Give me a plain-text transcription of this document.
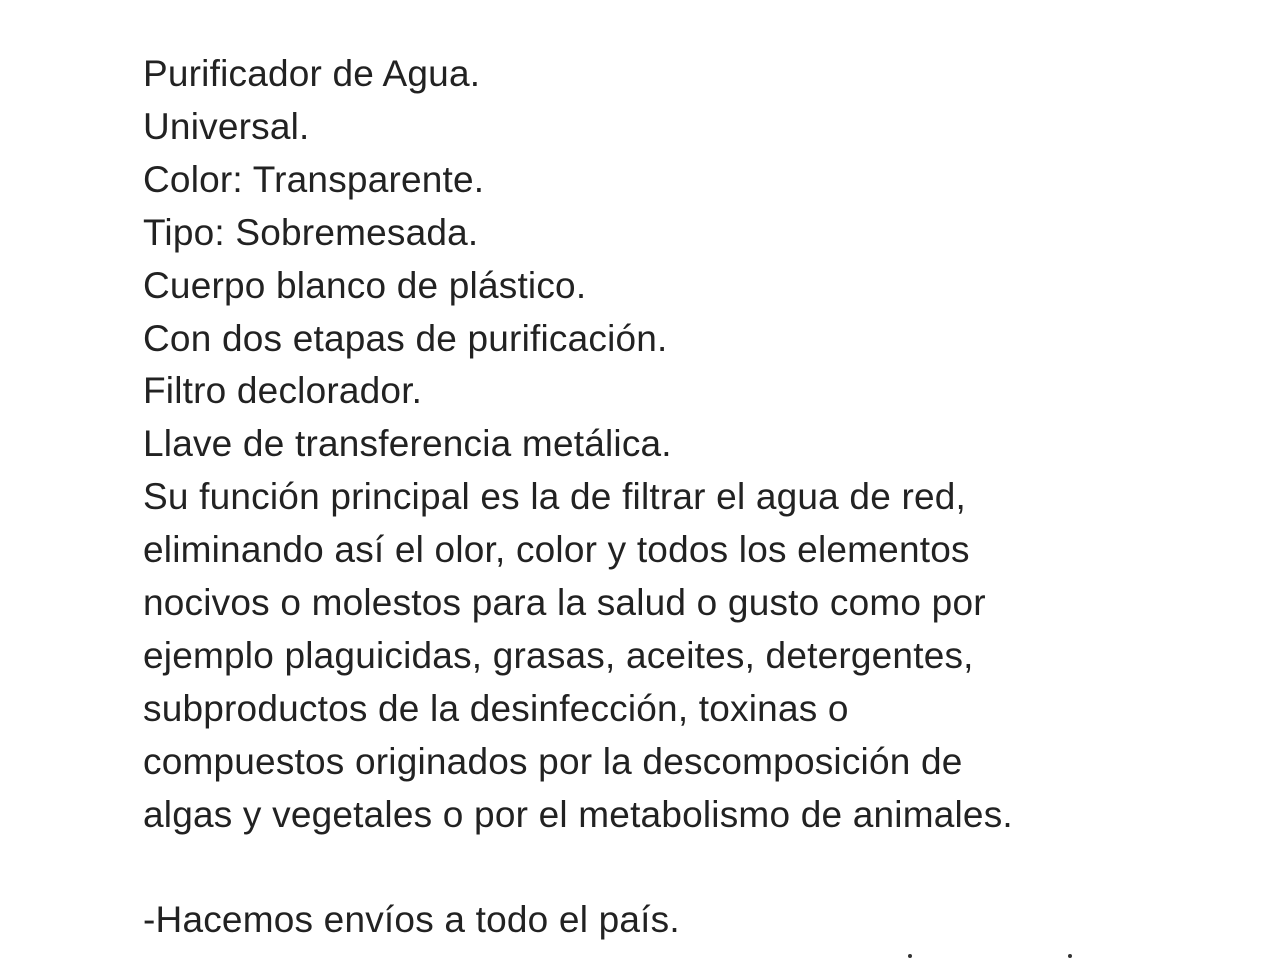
Purificador de Agua.
Universal.
Color: Transparente.
Tipo: Sobremesada.
Cuerpo blanco de plástico.
Con dos etapas de purificación.
Filtro declorador.
Llave de transferencia metálica.
Su función principal es la de filtrar el agua de red,
eliminando así el olor, color y todos los elementos
nocivos o molestos para la salud o gusto como por
ejemplo plaguicidas, grasas, aceites, detergentes,
subproductos de la desinfección, toxinas o
compuestos originados por la descomposición de
algas y vegetales o por el metabolismo de animales.
-Hacemos envíos a todo el país.
